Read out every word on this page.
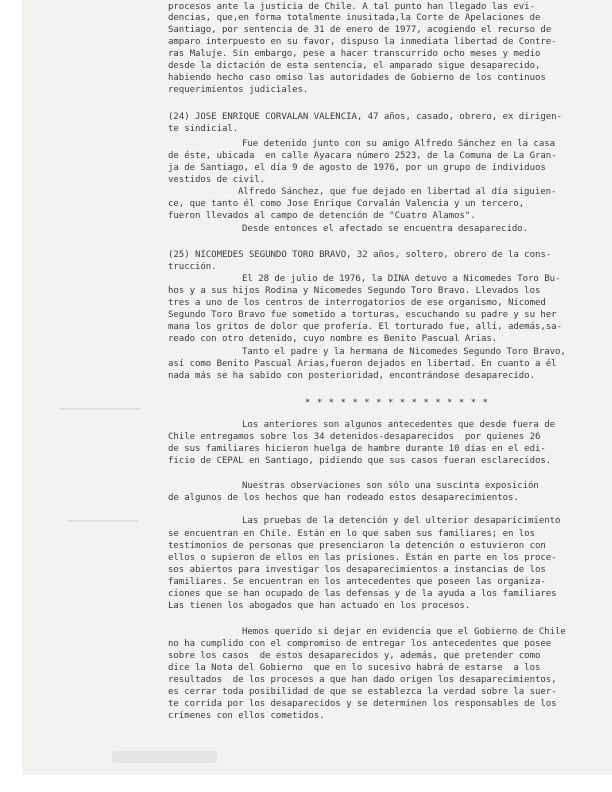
procesos ante la justicia de Chile. A tal punto han llegado las evi-
dencias, que,en forma totalmente inusitada,la Corte de Apelaciones de
Santiago, por sentencia de 31 de enero de 1977, acogiendo el recurso de
amparo interpuesto en su favor, dispuso la inmediata libertad de Contre-
ras Maluje. Sin embargo, pese a hacer transcurrido ocho meses y medio
desde la dictación de esta sentencia, el amparado sigue desaparecido,
habiendo hecho caso omiso las autoridades de Gobierno de los continuos
requerimientos judiciales.
(24) JOSE ENRIQUE CORVALAN VALENCIA, 47 años, casado, obrero, ex dirigen-
te sindicial.
Fue detenido junto con su amigo Alfredo Sánchez en la casa
de éste, ubicada  en calle Ayacara número 2523, de la Comuna de La Gran-
ja de Santiago, el día 9 de agosto de 1976, por un grupo de individuos
vestidos de civil.
Alfredo Sánchez, que fue dejado en libertad al día siguien-
ce, que tanto él como Jose Enrique Corvalán Valencia y un tercero,
fueron llevados al campo de detención de "Cuatro Alamos".
Desde entonces el afectado se encuentra desaparecido.
(25) NICOMEDES SEGUNDO TORO BRAVO, 32 años, soltero, obrero de la cons-
trucción.
El 28 de julio de 1976, la DINA detuvo a Nicomedes Toro Bu-
hos y a sus hijos Rodina y Nicomedes Segundo Toro Bravo. Llevados los
tres a uno de los centros de interrogatorios de ese organismo, Nicomed
Segundo Toro Bravo fue sometido a torturas, escuchando su padre y su her
mana los gritos de dolor que profería. El torturado fue, allí, además,sa-
reado con otro detenido, cuyo nombre es Benito Pascual Arias.
Tanto el padre y la hermana de Nicomedes Segundo Toro Bravo,
así como Benito Pascual Arias,fueron dejados en libertad. En cuanto a él
nada más se ha sabido con posterioridad, encontrándose desaparecido.
* * * * * * * * * * * * * * * *
Los anteriores son algunos antecedentes que desde fuera de
Chile entregamos sobre los 34 detenidos-desaparecidos  por quienes 26
de sus familiares hicieron huelga de hambre durante 10 días en el edi-
ficio de CEPAL en Santiago, pidiendo que sus casos fueran esclarecidos.
Nuestras observaciones son sólo una suscinta exposición
de algunos de los hechos que han rodeado estos desaparecimientos.
Las pruebas de la detención y del ulterior desaparicimiento
se encuentran en Chile. Están en lo que saben sus familiares; en los
testimonios de personas que presenciaron la detención o estuvieron con
ellos o supieron de ellos en las prisiones. Están en parte en los proce-
sos abiertos para investigar los desaparecimientos a instancias de los
familiares. Se encuentran en los antecedentes que poseen las organiza-
ciones que se han ocupado de las defensas y de la ayuda a los familiares
Las tienen los abogados que han actuado en los procesos.
Hemos querido si dejar en evidencia que el Gobierno de Chile
no ha cumplido con el compromiso de entregar los antecedentes que posee
sobre los casos  de estos desaparecidos y, además, que pretender como
dice la Nota del Gobierno  que en lo sucesivo habrá de estarse  a los
resultados  de los procesos a que han dado origen los desaparecimientos,
es cerrar toda posibilidad de que se establezca la verdad sobre la suer-
te corrida por los desaparecidos y se determinen los responsables de los
crímenes con ellos cometidos.
